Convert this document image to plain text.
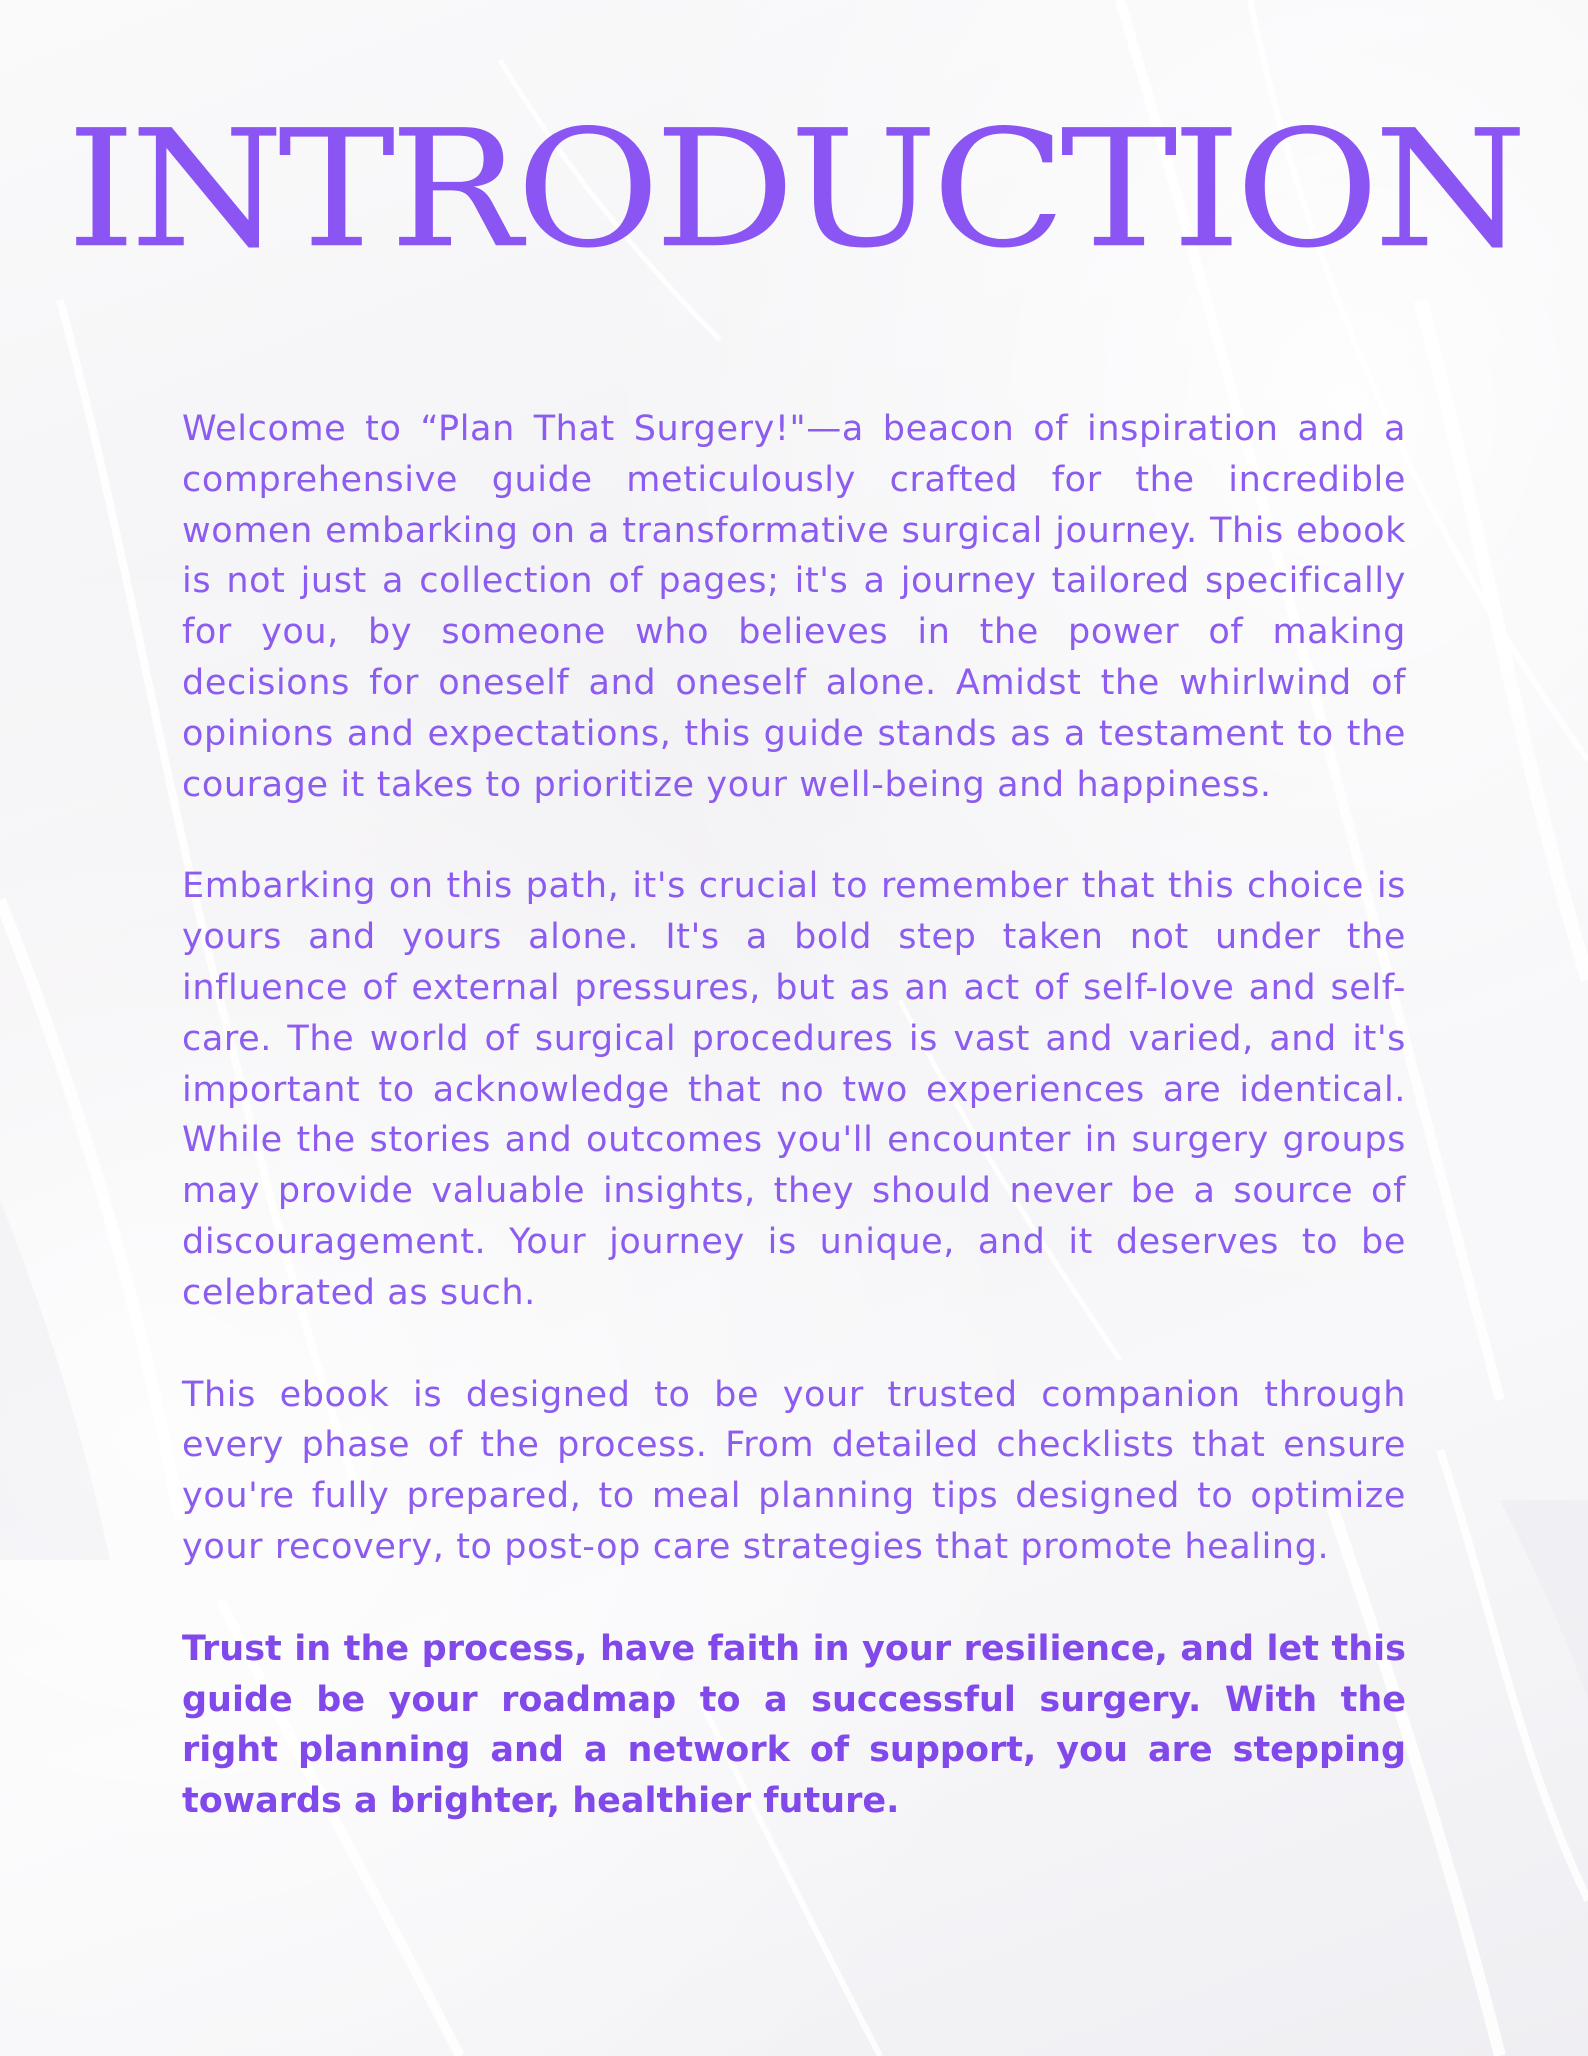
INTRODUCTION

Welcome to “Plan That Surgery!"—a beacon of inspiration and a comprehensive guide meticulously crafted for the incredible women embarking on a transformative surgical journey. This ebook is not just a collection of pages; it's a journey tailored specifically for you, by someone who believes in the power of making decisions for oneself and oneself alone. Amidst the whirlwind of opinions and expectations, this guide stands as a testament to the courage it takes to prioritize your well-being and happiness.

Embarking on this path, it's crucial to remember that this choice is yours and yours alone. It's a bold step taken not under the influence of external pressures, but as an act of self-love and self-care. The world of surgical procedures is vast and varied, and it's important to acknowledge that no two experiences are identical. While the stories and outcomes you'll encounter in surgery groups may provide valuable insights, they should never be a source of discouragement. Your journey is unique, and it deserves to be celebrated as such.

This ebook is designed to be your trusted companion through every phase of the process. From detailed checklists that ensure you're fully prepared, to meal planning tips designed to optimize your recovery, to post-op care strategies that promote healing.

Trust in the process, have faith in your resilience, and let this guide be your roadmap to a successful surgery. With the right planning and a network of support, you are stepping towards a brighter, healthier future.
